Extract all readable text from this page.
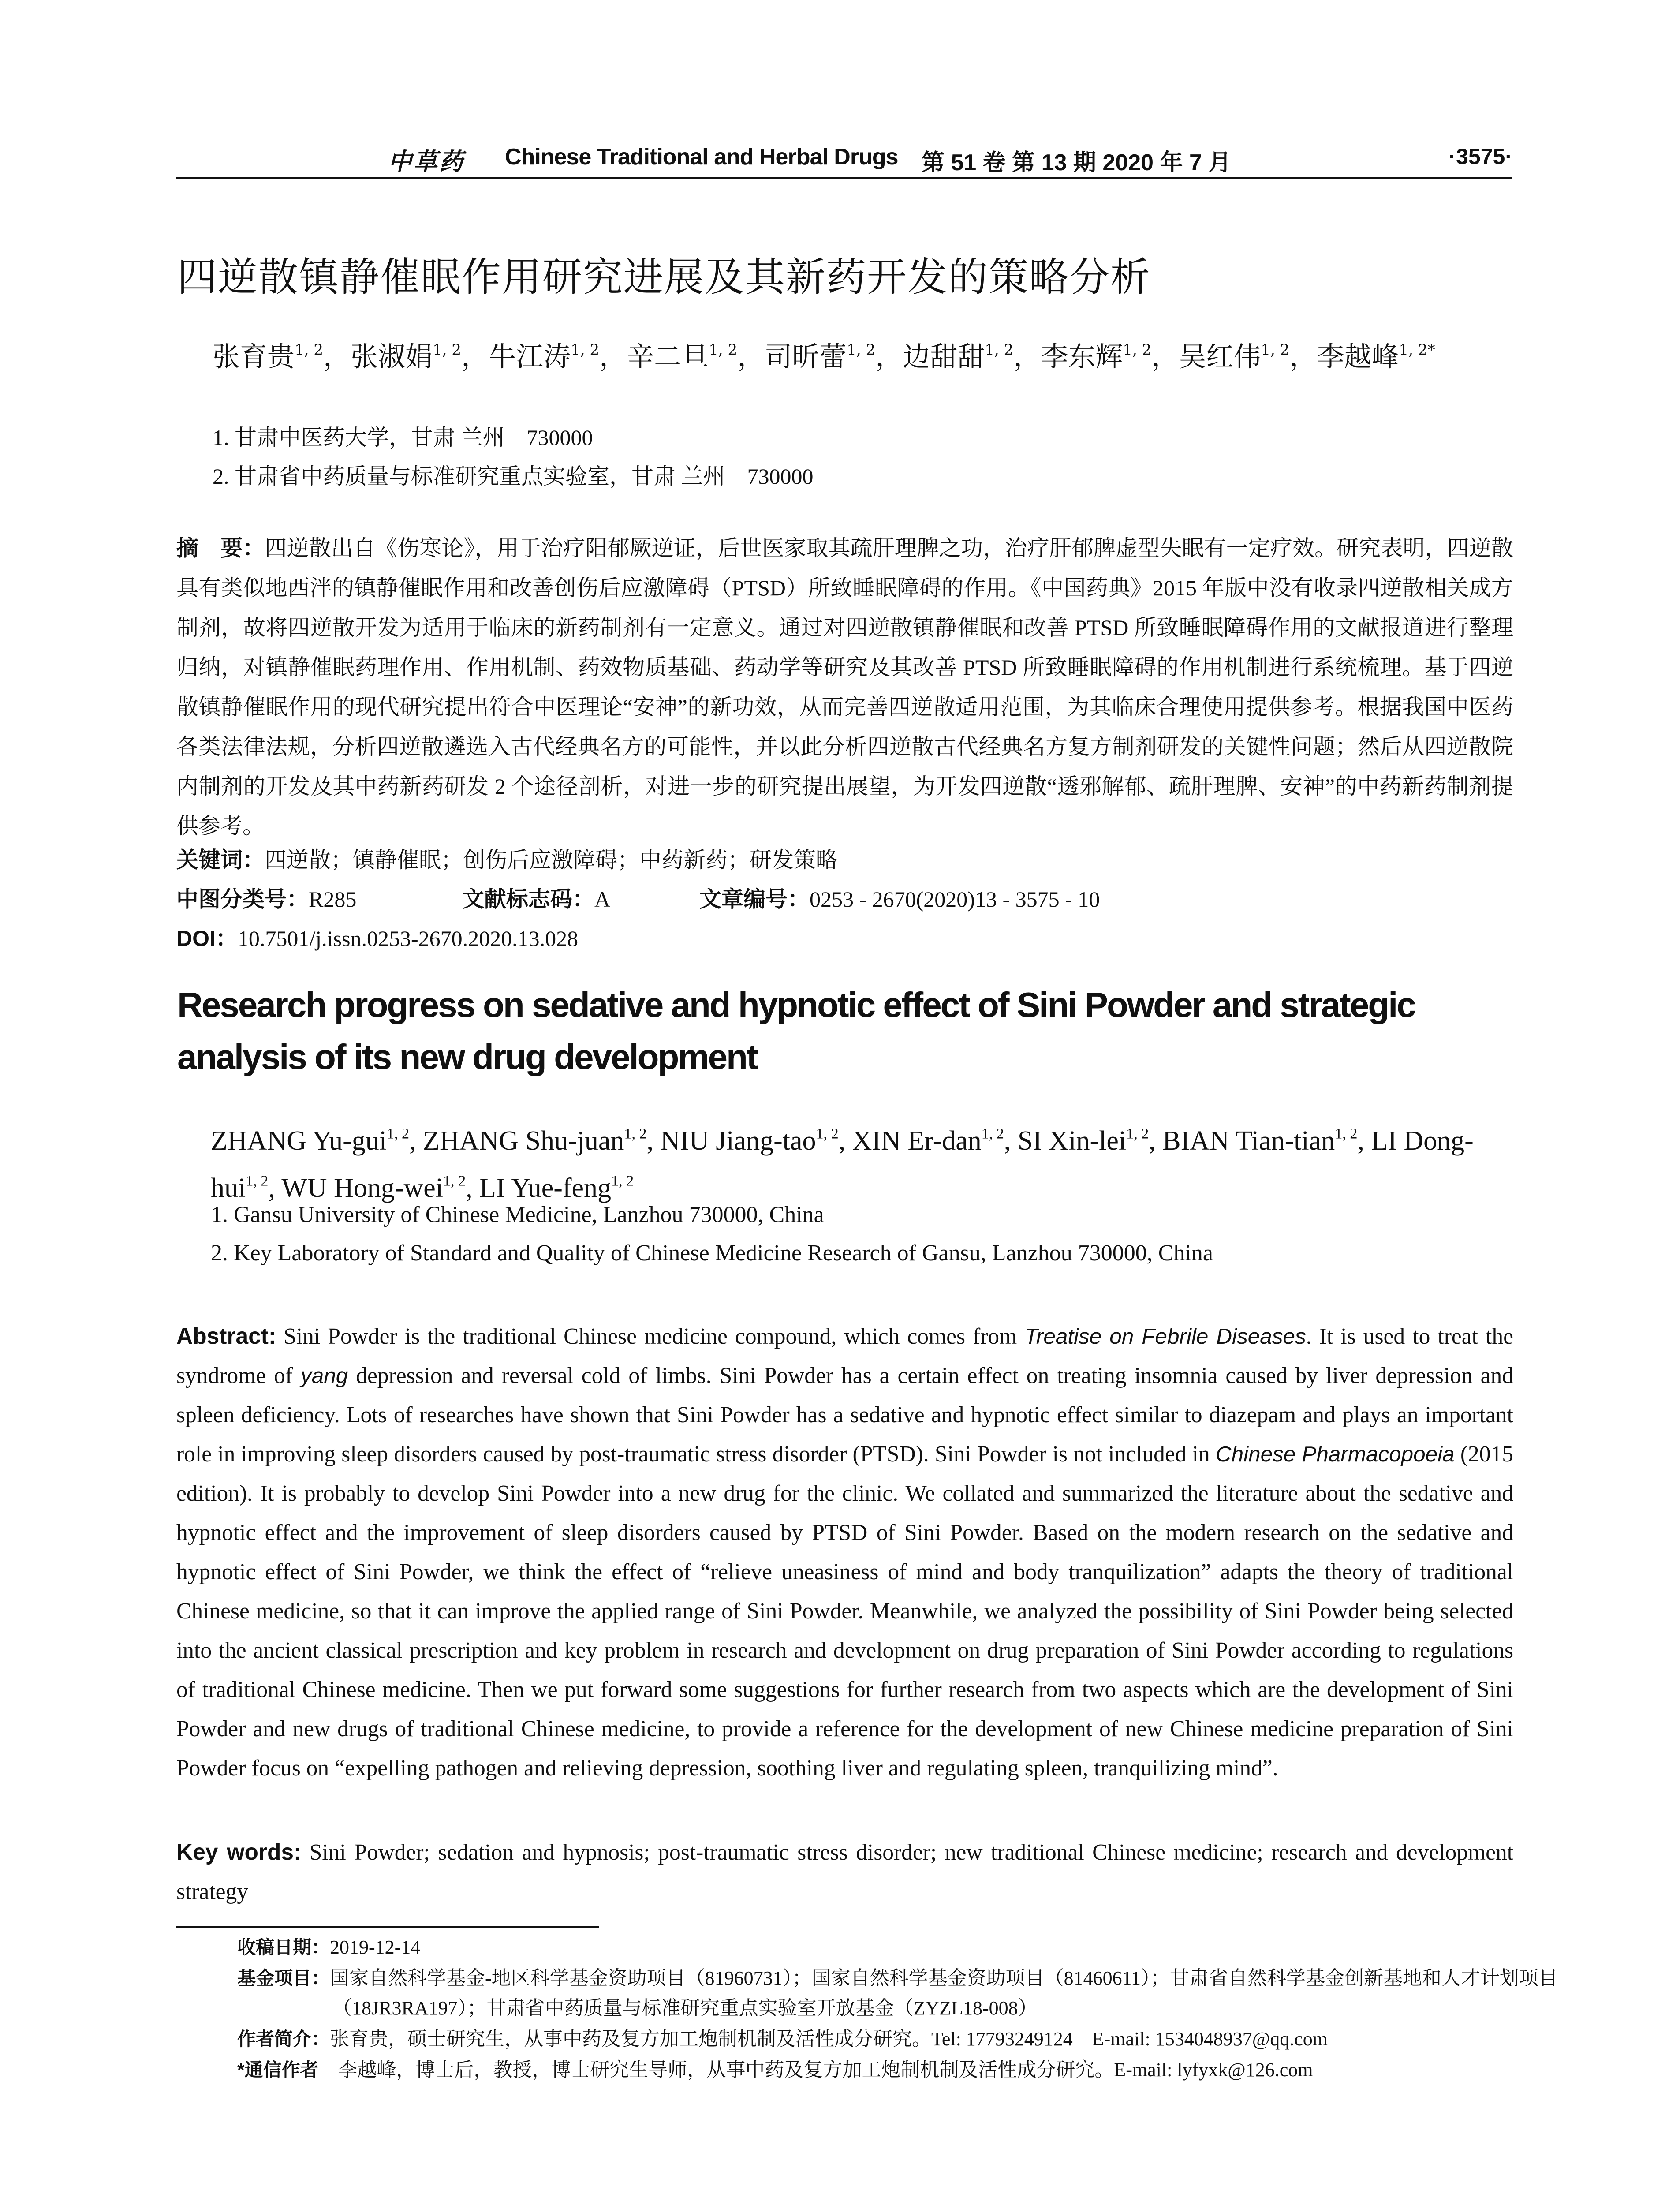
中草药 Chinese Traditional and Herbal Drugs 第 51 卷 第 13 期 2020 年 7 月	·3575·
四逆散镇静催眠作用研究进展及其新药开发的策略分析
张育贵$^{1, 2}$，张淑娟$^{1, 2}$，牛江涛$^{1, 2}$，辛二旦$^{1, 2}$，司昕蕾$^{1, 2}$，边甜甜$^{1, 2}$，李东辉$^{1, 2}$，吴红伟$^{1, 2}$，李越峰$^{1, 2*}$
1. 甘肃中医药大学，甘肃 兰州　730000
2. 甘肃省中药质量与标准研究重点实验室，甘肃 兰州　730000
摘　要：四逆散出自《伤寒论》，用于治疗阳郁厥逆证，后世医家取其疏肝理脾之功，治疗肝郁脾虚型失眠有一定疗效。研究表明，四逆散具有类似地西泮的镇静催眠作用和改善创伤后应激障碍（PTSD）所致睡眠障碍的作用。《中国药典》2015 年版中没有收录四逆散相关成方制剂，故将四逆散开发为适用于临床的新药制剂有一定意义。通过对四逆散镇静催眠和改善 PTSD 所致睡眠障碍作用的文献报道进行整理归纳，对镇静催眠药理作用、作用机制、药效物质基础、药动学等研究及其改善 PTSD 所致睡眠障碍的作用机制进行系统梳理。基于四逆散镇静催眠作用的现代研究提出符合中医理论“安神”的新功效，从而完善四逆散适用范围，为其临床合理使用提供参考。根据我国中医药各类法律法规，分析四逆散遴选入古代经典名方的可能性，并以此分析四逆散古代经典名方复方制剂研发的关键性问题；然后从四逆散院内制剂的开发及其中药新药研发 2 个途径剖析，对进一步的研究提出展望，为开发四逆散“透邪解郁、疏肝理脾、安神”的中药新药制剂提供参考。
关键词：四逆散；镇静催眠；创伤后应激障碍；中药新药；研发策略
中图分类号：R285	文献标志码：A	文章编号：0253 - 2670(2020)13 - 3575 - 10
DOI：10.7501/j.issn.0253-2670.2020.13.028
Research progress on sedative and hypnotic effect of Sini Powder and strategic analysis of its new drug development
ZHANG Yu-gui$^{1, 2}$, ZHANG Shu-juan$^{1, 2}$, NIU Jiang-tao$^{1, 2}$, XIN Er-dan$^{1, 2}$, SI Xin-lei$^{1, 2}$, BIAN Tian-tian$^{1, 2}$, LI Dong-hui$^{1, 2}$, WU Hong-wei$^{1, 2}$, LI Yue-feng$^{1, 2}$
1. Gansu University of Chinese Medicine, Lanzhou 730000, China
2. Key Laboratory of Standard and Quality of Chinese Medicine Research of Gansu, Lanzhou 730000, China
Abstract: Sini Powder is the traditional Chinese medicine compound, which comes from Treatise on Febrile Diseases. It is used to treat the syndrome of yang depression and reversal cold of limbs. Sini Powder has a certain effect on treating insomnia caused by liver depression and spleen deficiency. Lots of researches have shown that Sini Powder has a sedative and hypnotic effect similar to diazepam and plays an important role in improving sleep disorders caused by post-traumatic stress disorder (PTSD). Sini Powder is not included in Chinese Pharmacopoeia (2015 edition). It is probably to develop Sini Powder into a new drug for the clinic. We collated and summarized the literature about the sedative and hypnotic effect and the improvement of sleep disorders caused by PTSD of Sini Powder. Based on the modern research on the sedative and hypnotic effect of Sini Powder, we think the effect of “relieve uneasiness of mind and body tranquilization” adapts the theory of traditional Chinese medicine, so that it can improve the applied range of Sini Powder. Meanwhile, we analyzed the possibility of Sini Powder being selected into the ancient classical prescription and key problem in research and development on drug preparation of Sini Powder according to regulations of traditional Chinese medicine. Then we put forward some suggestions for further research from two aspects which are the development of Sini Powder and new drugs of traditional Chinese medicine, to provide a reference for the development of new Chinese medicine preparation of Sini Powder focus on “expelling pathogen and relieving depression, soothing liver and regulating spleen, tranquilizing mind”.
Key words: Sini Powder; sedation and hypnosis; post-traumatic stress disorder; new traditional Chinese medicine; research and development strategy
收稿日期：2019-12-14
基金项目：国家自然科学基金-地区科学基金资助项目（81960731）；国家自然科学基金资助项目（81460611）；甘肃省自然科学基金创新基地和人才计划项目（18JR3RA197）；甘肃省中药质量与标准研究重点实验室开放基金（ZYZL18-008）
作者简介：张育贵，硕士研究生，从事中药及复方加工炮制机制及活性成分研究。Tel: 17793249124　E-mail: 1534048937@qq.com
*通信作者　李越峰，博士后，教授，博士研究生导师，从事中药及复方加工炮制机制及活性成分研究。E-mail: lyfyxk@126.com
